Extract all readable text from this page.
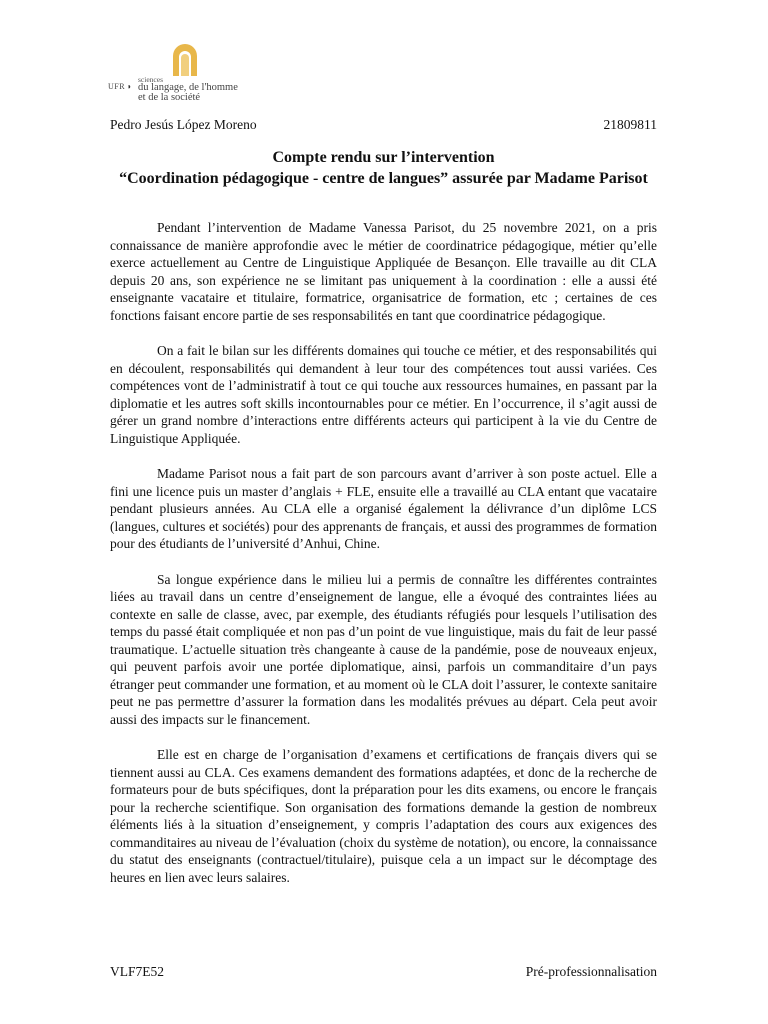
UFR ◗
sciences
du langage, de l'homme
et de la société
Pedro Jesús López Moreno	21809811
Compte rendu sur l’intervention
“Coordination pédagogique - centre de langues” assurée par Madame Parisot

Pendant l’intervention de Madame Vanessa Parisot, du 25 novembre 2021, on a pris connaissance de manière approfondie avec le métier de coordinatrice pédagogique, métier qu’elle exerce actuellement au Centre de Linguistique Appliquée de Besançon. Elle travaille au dit CLA depuis 20 ans, son expérience ne se limitant pas uniquement à la coordination : elle a aussi été enseignante vacataire et titulaire, formatrice, organisatrice de formation, etc ; certaines de ces fonctions faisant encore partie de ses responsabilités en tant que coordinatrice pédagogique.

On a fait le bilan sur les différents domaines qui touche ce métier, et des responsabilités qui en découlent, responsabilités qui demandent à leur tour des compétences tout aussi variées. Ces compétences vont de l’administratif à tout ce qui touche aux ressources humaines, en passant par la diplomatie et les autres soft skills incontournables pour ce métier. En l’occurrence, il s’agit aussi de gérer un grand nombre d’interactions entre différents acteurs qui participent à la vie du Centre de Linguistique Appliquée.

Madame Parisot nous a fait part de son parcours avant d’arriver à son poste actuel. Elle a fini une licence puis un master d’anglais + FLE, ensuite elle a travaillé au CLA entant que vacataire pendant plusieurs années. Au CLA elle a organisé également la délivrance d’un diplôme LCS (langues, cultures et sociétés) pour des apprenants de français, et aussi des programmes de formation pour des étudiants de l’université d’Anhui, Chine.

Sa longue expérience dans le milieu lui a permis de connaître les différentes contraintes liées au travail dans un centre d’enseignement de langue, elle a évoqué des contraintes liées au contexte en salle de classe, avec, par exemple, des étudiants réfugiés pour lesquels l’utilisation des temps du passé était compliquée et non pas d’un point de vue linguistique, mais du fait de leur passé traumatique. L’actuelle situation très changeante à cause de la pandémie, pose de nouveaux enjeux, qui peuvent parfois avoir une portée diplomatique, ainsi, parfois un commanditaire d’un pays étranger peut commander une formation, et au moment où le CLA doit l’assurer, le contexte sanitaire peut ne pas permettre d’assurer la formation dans les modalités prévues au départ. Cela peut avoir aussi des impacts sur le financement.

Elle est en charge de l’organisation d’examens et certifications de français divers qui se tiennent aussi au CLA. Ces examens demandent des formations adaptées, et donc de la recherche de formateurs pour de buts spécifiques, dont la préparation pour les dits examens, ou encore le français pour la recherche scientifique. Son organisation des formations demande la gestion de nombreux éléments liés à la situation d’enseignement, y compris l’adaptation des cours aux exigences des commanditaires au niveau de l’évaluation (choix du système de notation), ou encore, la connaissance du statut des enseignants (contractuel/titulaire), puisque cela a un impact sur le décomptage des heures en lien avec leurs salaires.

VLF7E52	Pré-professionnalisation
